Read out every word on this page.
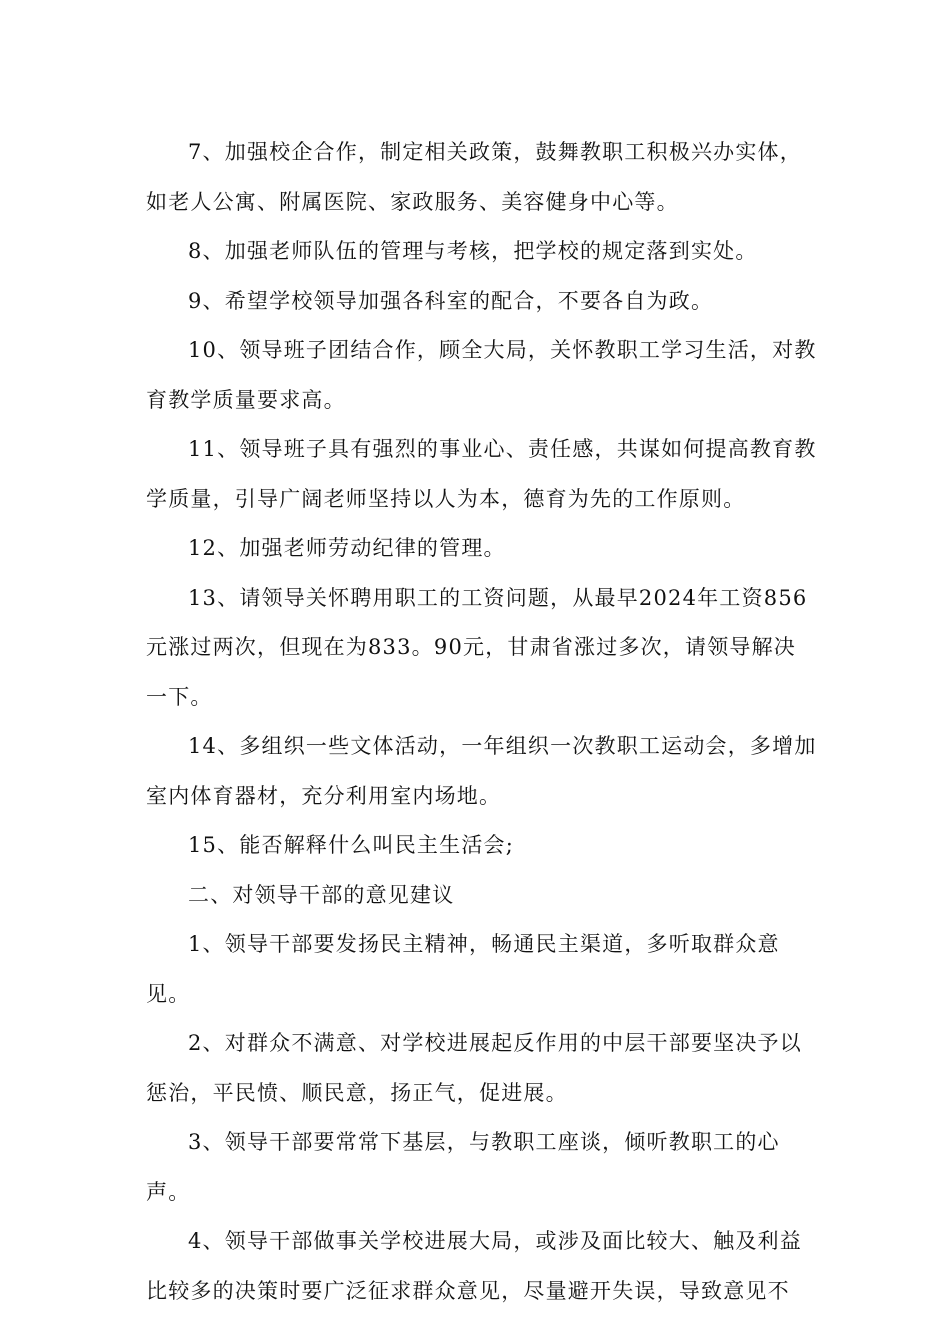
7、加强校企合作，制定相关政策，鼓舞教职工积极兴办实体，如老人公寓、附属医院、家政服务、美容健身中心等。

8、加强老师队伍的管理与考核，把学校的规定落到实处。

9、希望学校领导加强各科室的配合，不要各自为政。

10、领导班子团结合作，顾全大局，关怀教职工学习生活，对教育教学质量要求高。

11、领导班子具有强烈的事业心、责任感，共谋如何提高教育教学质量，引导广阔老师坚持以人为本，德育为先的工作原则。

12、加强老师劳动纪律的管理。

13、请领导关怀聘用职工的工资问题，从最早2024年工资856元涨过两次，但现在为833。90元，甘肃省涨过多次，请领导解决一下。

14、多组织一些文体活动，一年组织一次教职工运动会，多增加室内体育器材，充分利用室内场地。

15、能否解释什么叫民主生活会;

二、对领导干部的意见建议

1、领导干部要发扬民主精神，畅通民主渠道，多听取群众意见。

2、对群众不满意、对学校进展起反作用的中层干部要坚决予以惩治，平民愤、顺民意，扬正气，促进展。

3、领导干部要常常下基层，与教职工座谈，倾听教职工的心声。

4、领导干部做事关学校进展大局，或涉及面比较大、触及利益比较多的决策时要广泛征求群众意见，尽量避开失误，导致意见不
